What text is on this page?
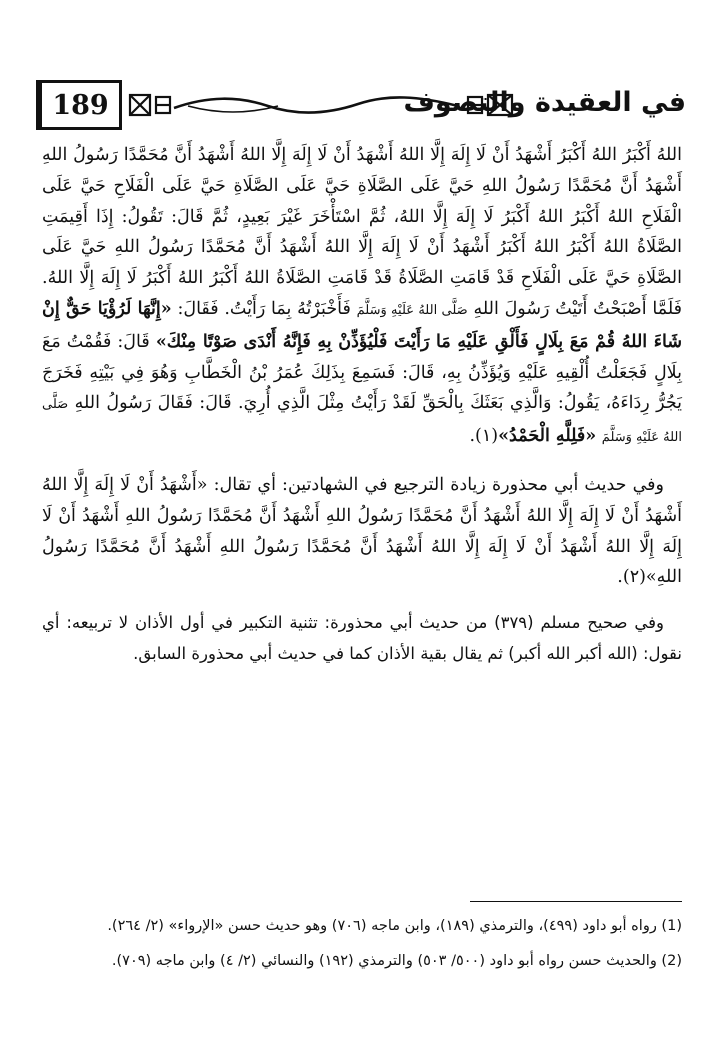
189	في العقيدة والتصوف

اللهُ أَكْبَرُ اللهُ أَكْبَرُ أَشْهَدُ أَنْ لَا إِلَهَ إِلَّا اللهُ أَشْهَدُ أَنْ لَا إِلَهَ إِلَّا اللهُ أَشْهَدُ أَنَّ مُحَمَّدًا رَسُولُ اللهِ أَشْهَدُ أَنَّ مُحَمَّدًا رَسُولُ اللهِ حَيَّ عَلَى الصَّلَاةِ حَيَّ عَلَى الصَّلَاةِ حَيَّ عَلَى الْفَلَاحِ حَيَّ عَلَى الْفَلَاحِ اللهُ أَكْبَرُ اللهُ أَكْبَرُ لَا إِلَهَ إِلَّا اللهُ، ثُمَّ اسْتَأْخَرَ غَيْرَ بَعِيدٍ، ثُمَّ قَالَ: تَقُولُ: إِذَا أَقِيمَتِ الصَّلَاةُ اللهُ أَكْبَرُ اللهُ أَكْبَرُ أَشْهَدُ أَنْ لَا إِلَهَ إِلَّا اللهُ أَشْهَدُ أَنَّ مُحَمَّدًا رَسُولُ اللهِ حَيَّ عَلَى الصَّلَاةِ حَيَّ عَلَى الْفَلَاحِ قَدْ قَامَتِ الصَّلَاةُ قَدْ قَامَتِ الصَّلَاةُ اللهُ أَكْبَرُ اللهُ أَكْبَرُ لَا إِلَهَ إِلَّا اللهُ. فَلَمَّا أَصْبَحْتُ أَتَيْتُ رَسُولَ اللهِ صَلَّى اللهُ عَلَيْهِ وَسَلَّمَ فَأَخْبَرْتُهُ بِمَا رَأَيْتُ. فَقَالَ: «إِنَّهَا لَرُؤْيَا حَقٌّ إِنْ شَاءَ اللهُ قُمْ مَعَ بِلَالٍ فَأَلْقِ عَلَيْهِ مَا رَأَيْتَ فَلْيُؤَذِّنْ بِهِ فَإِنَّهُ أَنْدَى صَوْتًا مِنْكَ» قَالَ: فَقُمْتُ مَعَ بِلَالٍ فَجَعَلْتُ أُلْقِيهِ عَلَيْهِ وَيُؤَذِّنُ بِهِ، قَالَ: فَسَمِعَ بِذَلِكَ عُمَرُ بْنُ الْخَطَّابِ وَهُوَ فِي بَيْتِهِ فَخَرَجَ يَجُرُّ رِدَاءَهُ، يَقُولُ: وَالَّذِي بَعَثَكَ بِالْحَقِّ لَقَدْ رَأَيْتُ مِثْلَ الَّذِي أُرِيَ. قَالَ: فَقَالَ رَسُولُ اللهِ صَلَّى اللهُ عَلَيْهِ وَسَلَّمَ «فَلِلَّهِ الْحَمْدُ»(١).

وفي حديث أبي محذورة زيادة الترجيع في الشهادتين: أي تقال: «أَشْهَدُ أَنْ لَا إِلَهَ إِلَّا اللهُ أَشْهَدُ أَنْ لَا إِلَهَ إِلَّا اللهُ أَشْهَدُ أَنَّ مُحَمَّدًا رَسُولُ اللهِ أَشْهَدُ أَنَّ مُحَمَّدًا رَسُولُ اللهِ أَشْهَدُ أَنْ لَا إِلَهَ إِلَّا اللهُ أَشْهَدُ أَنْ لَا إِلَهَ إِلَّا اللهُ أَشْهَدُ أَنَّ مُحَمَّدًا رَسُولُ اللهِ أَشْهَدُ أَنَّ مُحَمَّدًا رَسُولُ اللهِ»(٢).

وفي صحيح مسلم (٣٧٩) من حديث أبي محذورة: تثنية التكبير في أول الأذان لا تربيعه: أي نقول: (الله أكبر الله أكبر) ثم يقال بقية الأذان كما في حديث أبي محذورة السابق.

(1) رواه أبو داود (٤٩٩)، والترمذي (١٨٩)، وابن ماجه (٧٠٦) وهو حديث حسن «الإرواء» (٢/ ٢٦٤).

(2) والحديث حسن رواه أبو داود (٥٠٠/ ٥٠٣) والترمذي (١٩٢) والنسائي (٢/ ٤) وابن ماجه (٧٠٩).
